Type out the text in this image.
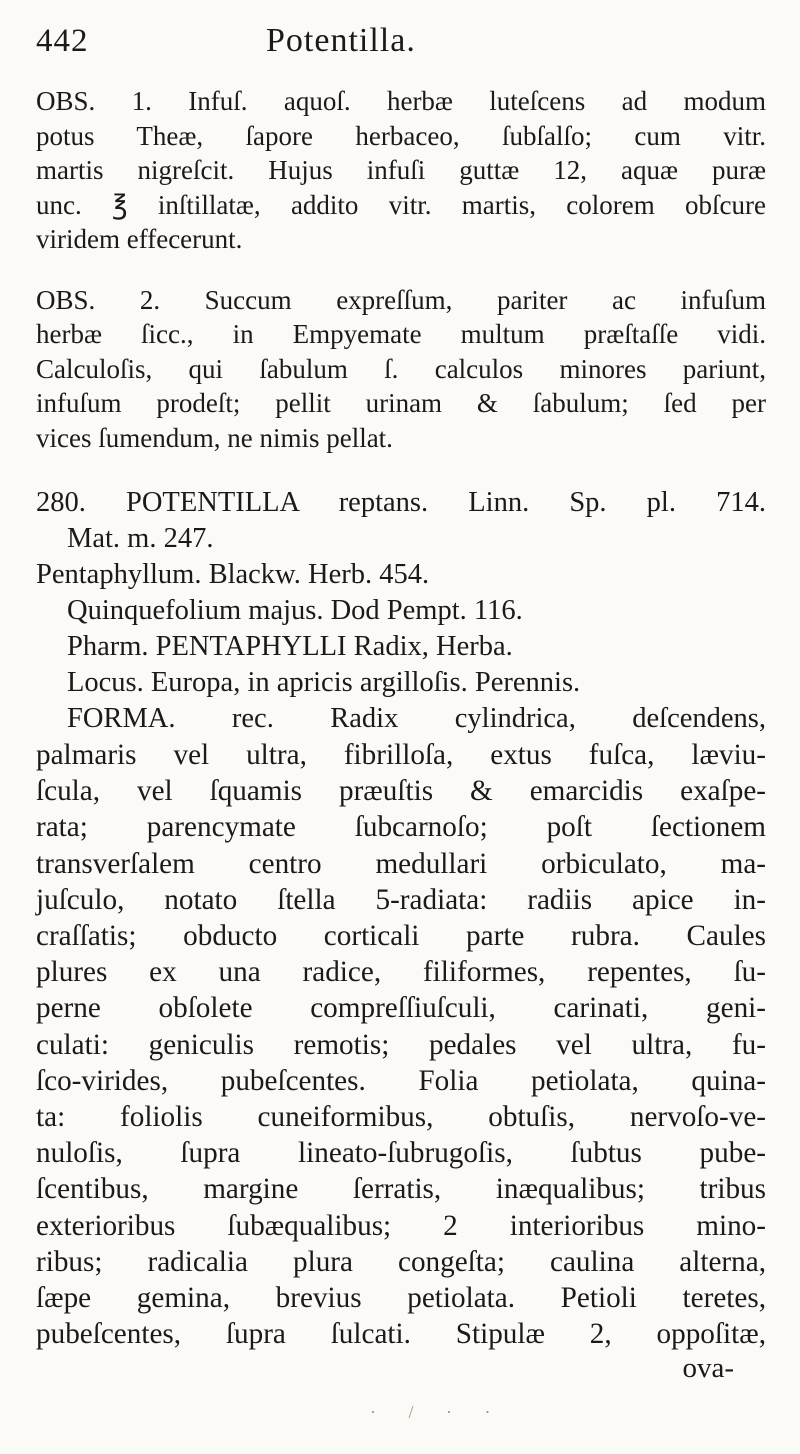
442	Potentilla.
OBS. 1. Infuſ. aquoſ. herbæ luteſcens ad modum
potus Theæ, ſapore herbaceo, ſubſalſo; cum vitr.
martis nigreſcit. Hujus infuſi guttæ 12, aquæ puræ
unc. ℥ inſtillatæ, addito vitr. martis, colorem obſcure
viridem effecerunt.
OBS. 2. Succum expreſſum, pariter ac infuſum
herbæ ſicc., in Empyemate multum præſtaſſe vidi.
Calculoſis, qui ſabulum ſ. calculos minores pariunt,
infuſum prodeſt; pellit urinam & ſabulum; ſed per
vices ſumendum, ne nimis pellat.
280. POTENTILLA reptans. Linn. Sp. pl. 714.
Mat. m. 247.
Pentaphyllum. Blackw. Herb. 454.
Quinquefolium majus. Dod Pempt. 116.
Pharm. PENTAPHYLLI Radix, Herba.
Locus. Europa, in apricis argilloſis. Perennis.
FORMA. rec. Radix cylindrica, deſcendens,
palmaris vel ultra, fibrilloſa, extus fuſca, læviu-
ſcula, vel ſquamis præuſtis & emarcidis exaſpe-
rata; parencymate ſubcarnoſo; poſt ſectionem
transverſalem centro medullari orbiculato, ma-
juſculo, notato ſtella 5-radiata: radiis apice in-
craſſatis; obducto corticali parte rubra. Caules
plures ex una radice, filiformes, repentes, ſu-
perne obſolete compreſſiuſculi, carinati, geni-
culati: geniculis remotis; pedales vel ultra, fu-
ſco-virides, pubeſcentes. Folia petiolata, quina-
ta: foliolis cuneiformibus, obtuſis, nervoſo-ve-
nuloſis, ſupra lineato-ſubrugoſis, ſubtus pube-
ſcentibus, margine ſerratis, inæqualibus; tribus
exterioribus ſubæqualibus; 2 interioribus mino-
ribus; radicalia plura congeſta; caulina alterna,
ſæpe gemina, brevius petiolata. Petioli teretes,
pubeſcentes, ſupra ſulcati. Stipulæ 2, oppoſitæ,
ova-
· / · ·
